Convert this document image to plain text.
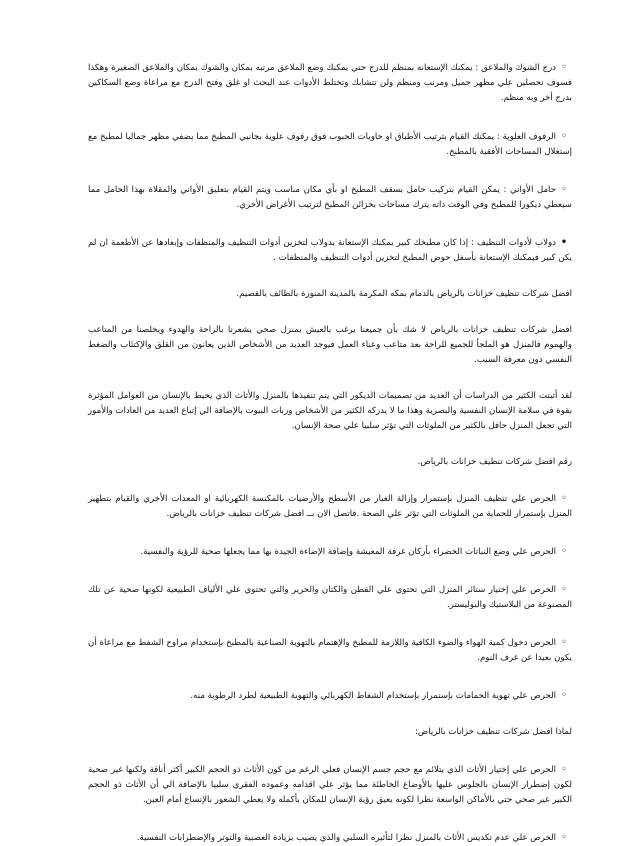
◦درج الشوك والملاعق : يمكنك الإستعانه بمنظم للدرج حتي يمكنك وضع الملاعق مرتبه بمكان والشوك بمكان والملاعق الصغيرة وهكذا فسوف تحصلين علي مظهر جميل ومرتب ومنظم ولن تتشابك وتختلط الأدوات عند البحث او غلق وفتح الدرج مع مراعاة وضع السكاكين بدرج أخر وبه منظم.

◦الرفوف العلوية : يمكنك القيام بترتيب الأطباق او حاويات الحبوب فوق رفوف علوية بجانبي المطبخ مما يضفي مظهر جماليا لمطبخ مع إستغلال المساحات الأفقية بالمطبخ.

◦حامل الأواني : يمكن القيام بتركيب حامل بسقف المطبخ او بأي مكان مناسب ويتم القيام بتعليق الأواني والمقلاة بهذا الحامل مما سيعطي ديكورا للمطبخ وفي الوقت ذاته يترك مساحات بخزائن المطبخ لترتيب الأغراض الأخري.

•دولاب لأدوات التنظيف : إذا كان مطبخك كبير يمكنك الإستعانة بدولاب لتخزين أدوات التنظيف والمنظفات وإبعادها عن الأطعمة ان لم يكن كبير فيمكنك الإستعانة بأسفل حوض المطبخ لتخزين أدوات التنظيف والمنظفات .

افضل شركات تنظيف خزانات بالرياض بالدمام بمكه المكرمة بالمدينة المنورة بالطائف بالقصيم.

افضل شركات تنظيف خزانات بالرياض لا شك بأن جميعنا يرغب بالعيش بمنزل صحي يشعرنا بالراحة والهدوء ويخلصنا من المتاعب والهموم فالمنزل هو الملجأ للجميع للراحة بعد متاعب وعناء العمل فيوجد العديد من الأشخاص الذين يعانون من القلق والإكتئاب والضغط النفسي دون معرفة السبب.

لقد أثبتت الكثير من الدراسات أن العديد من تصميمات الديكور التي يتم تنفيذها بالمنزل والأثاث الذي يحيط بالإنسان من العوامل المؤثرة بقوة في سلامة الإنسان النفسية والبصرية وهذا ما لا يدركه الكثير من الأشخاص وربات البيوت بالإضافة الي إتباع العديد من العادات والأمور التي تجعل المنزل حافل بالكثير من الملوثات التي تؤثر سلبيا علي صحة الإنسان.

رقم افضل شركات تنظيف خزانات بالرياض.

◦الحرص علي تنظيف المنزل بإستمرار وإزالة الغبار من الأسطح والأرضيات بالمكنسة الكهربائية او المعدات الأخري والقيام بتطهير المنزل بإستمرار للحماية من الملوثات التي تؤثر علي الصحة .فاتصل الان بــ افضل شركات تنظيف خزانات بالرياض.

◦الحرص علي وضع النباتات الخضراء بأركان غرفة المعيشة وإضافة الإضاءة الجيدة بها مما يجعلها صحية للرؤية والنفسية.

◦الحرص علي إختيار ستائر المنزل التي تحتوي علي القطن والكتان والحرير والتي تحتوي علي الألياف الطبيعية لكونها صحية عن تلك المصنوعة من البلاستيك والبوليستر.

◦الحرص دخول كمية الهواء والضوء الكافية واللازمة للمطبخ والإهتمام بالتهوية الصناعية بالمطبخ بإستخدام مراوح الشفط مع مراعاة أن يكون بعيدا عن غرف النوم.

◦الحرص علي تهوية الحمامات بإستمرار بإستخدام الشفاط الكهربائي والتهوية الطبيعية لطرد الرطوبة منه.

لماذا افضل شركات تنظيف خزانات بالرياض:

◦الحرص علي إختيار الأثاث الذي يتلائم مع حجم جسم الإنسان فعلي الرغم من كون الأثاث ذو الحجم الكبير أكثر أناقة ولكنها غير صحية لكون إضطرار الإنسان بالجلوس عليها بالأوضاع الخاطئة مما يؤثر علي اقدامه وعموده الفقري سلبيا بالإضافة الي أن الأثاث ذو الحجم الكبير غير صحي حتي بالأماكن الواسعة نظرا لكونه يعيق رؤية الإنسان للمكان بأكمله ولا يعطي الشعور بالإتساع أمام العين.

◦الحرص علي عدم تكديس الأثاث بالمنزل نظرا لتأثيره السلبي والذي يصيب بزيادة العصبية والتوتر والإضطرابات النفسية.
